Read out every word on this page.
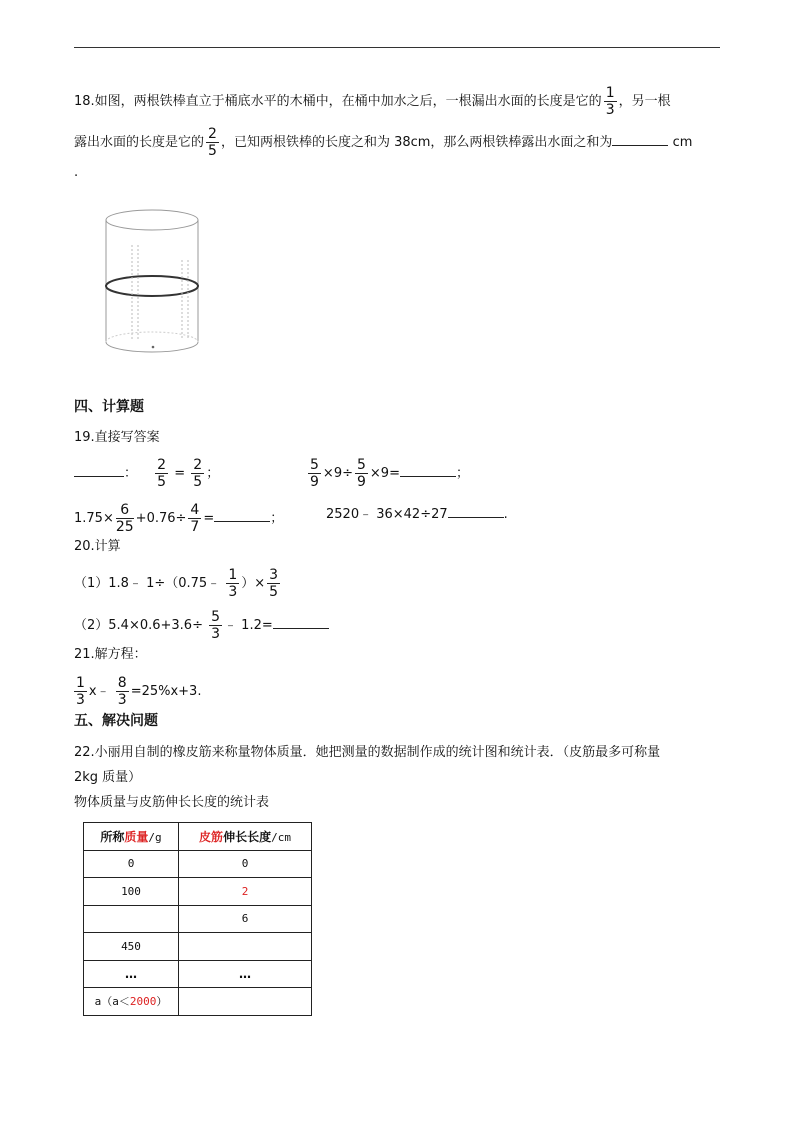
18.如图，两根铁棒直立于桶底水平的木桶中，在桶中加水之后，一根漏出水面的长度是它的 $\frac{1}{3}$ ，另一根
露出水面的长度是它的 $\frac{2}{5}$ ，已知两根铁棒的长度之和为 38cm，那么两根铁棒露出水面之和为	cm
.
四、计算题
19.直接写答案
： $\frac{2}{5} = \frac{2}{5}$ ；	$\frac{5}{9} \times 9\div \frac{5}{9} \times 9=$	；
$1.75\times \frac{6}{25} +0.76\div \frac{4}{7}$ =	；	2520﹣ 36×42÷27	.
20.计算
（1）1.8﹣ 1÷（0.75﹣ $\frac{1}{3}$ ）× $\frac{3}{5}$
$(2)5.4\times 0.6+3.6\div \frac{5}{3}$ ﹣ 1.2=
21.解方程：
$\frac{1}{3}$ x﹣ $\frac{8}{3} =25\%x+3$.
五、解决问题
22.小丽用自制的橡皮筋来称量物体质量．她把测量的数据制作成的统计图和统计表．（皮筋最多可称量
2kg 质量）
物体质量与皮筋伸长长度的统计表
所称质量/g	皮筋伸长长度/cm
0	0
100	2
	6
450	
…	…
a（a＜2000）	
